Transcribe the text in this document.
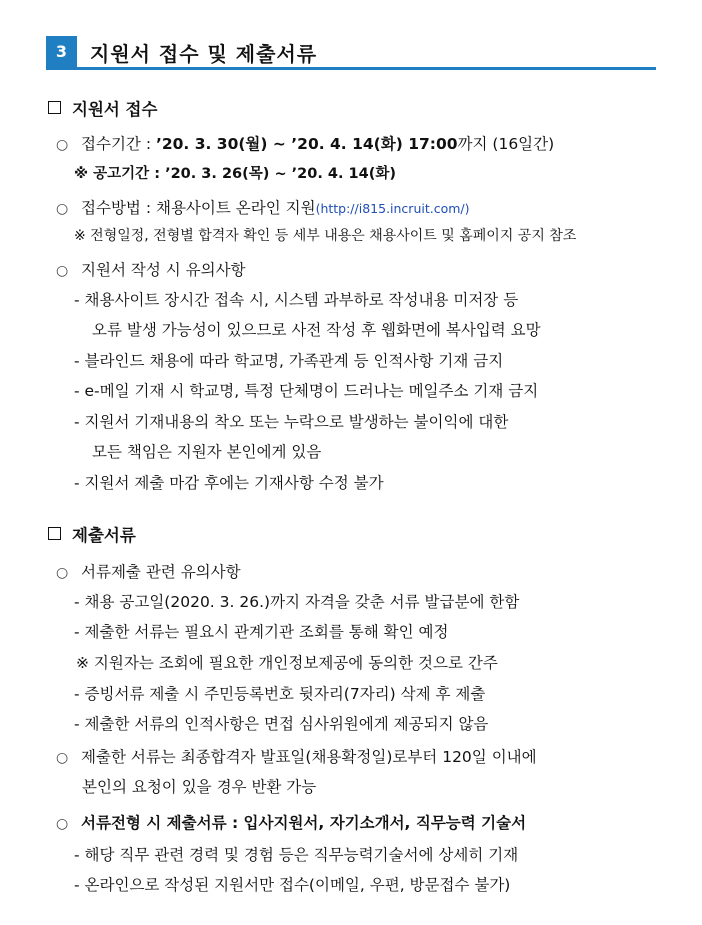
3	지원서 접수 및 제출서류
지원서 접수
○ 접수기간 : ’20. 3. 30(월) ~ ’20. 4. 14(화) 17:00까지 (16일간)
※ 공고기간 : ’20. 3. 26(목) ~ ’20. 4. 14(화)
○ 접수방법 : 채용사이트 온라인 지원(http://i815.incruit.com/)
※ 전형일정, 전형별 합격자 확인 등 세부 내용은 채용사이트 및 홈페이지 공지 참조
○ 지원서 작성 시 유의사항
- 채용사이트 장시간 접속 시, 시스템 과부하로 작성내용 미저장 등
오류 발생 가능성이 있으므로 사전 작성 후 웹화면에 복사입력 요망
- 블라인드 채용에 따라 학교명, 가족관계 등 인적사항 기재 금지
- e-메일 기재 시 학교명, 특정 단체명이 드러나는 메일주소 기재 금지
- 지원서 기재내용의 착오 또는 누락으로 발생하는 불이익에 대한
모든 책임은 지원자 본인에게 있음
- 지원서 제출 마감 후에는 기재사항 수정 불가
제출서류
○ 서류제출 관련 유의사항
- 채용 공고일(2020. 3. 26.)까지 자격을 갖춘 서류 발급분에 한함
- 제출한 서류는 필요시 관계기관 조회를 통해 확인 예정
※ 지원자는 조회에 필요한 개인정보제공에 동의한 것으로 간주
- 증빙서류 제출 시 주민등록번호 뒷자리(7자리) 삭제 후 제출
- 제출한 서류의 인적사항은 면접 심사위원에게 제공되지 않음
○ 제출한 서류는 최종합격자 발표일(채용확정일)로부터 120일 이내에
본인의 요청이 있을 경우 반환 가능
○ 서류전형 시 제출서류 : 입사지원서, 자기소개서, 직무능력 기술서
- 해당 직무 관련 경력 및 경험 등은 직무능력기술서에 상세히 기재
- 온라인으로 작성된 지원서만 접수(이메일, 우편, 방문접수 불가)
